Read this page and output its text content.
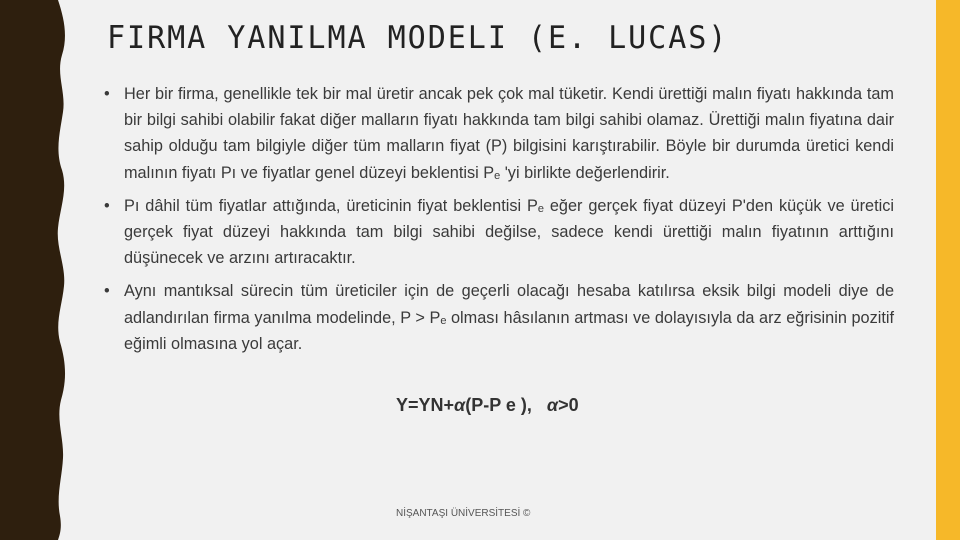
FIRMA YANILMA MODELI (E. LUCAS)
• Her bir firma, genellikle tek bir mal üretir ancak pek çok mal tüketir. Kendi ürettiği malın fiyatı hakkında tam bir bilgi sahibi olabilir fakat diğer malların fiyatı hakkında tam bilgi sahibi olamaz. Ürettiği malın fiyatına dair sahip olduğu tam bilgiyle diğer tüm malların fiyat (P) bilgisini karıştırabilir. Böyle bir durumda üretici kendi malının fiyatı Pı ve fiyatlar genel düzeyi beklentisi Pₑ 'yi birlikte değerlendirir.
• Pı dâhil tüm fiyatlar attığında, üreticinin fiyat beklentisi Pₑ eğer gerçek fiyat düzeyi P'den küçük ve üretici gerçek fiyat düzeyi hakkında tam bilgi sahibi değilse, sadece kendi ürettiği malın fiyatının arttığını düşünecek ve arzını artıracaktır.
• Aynı mantıksal sürecin tüm üreticiler için de geçerli olacağı hesaba katılırsa eksik bilgi modeli diye de adlandırılan firma yanılma modelinde, P > Pₑ olması hâsılanın artması ve dolayısıyla da arz eğrisinin pozitif eğimli olmasına yol açar.
Y=YN+α(P-P e ),   α>0
NİŞANTAŞI ÜNİVERSİTESİ ©
